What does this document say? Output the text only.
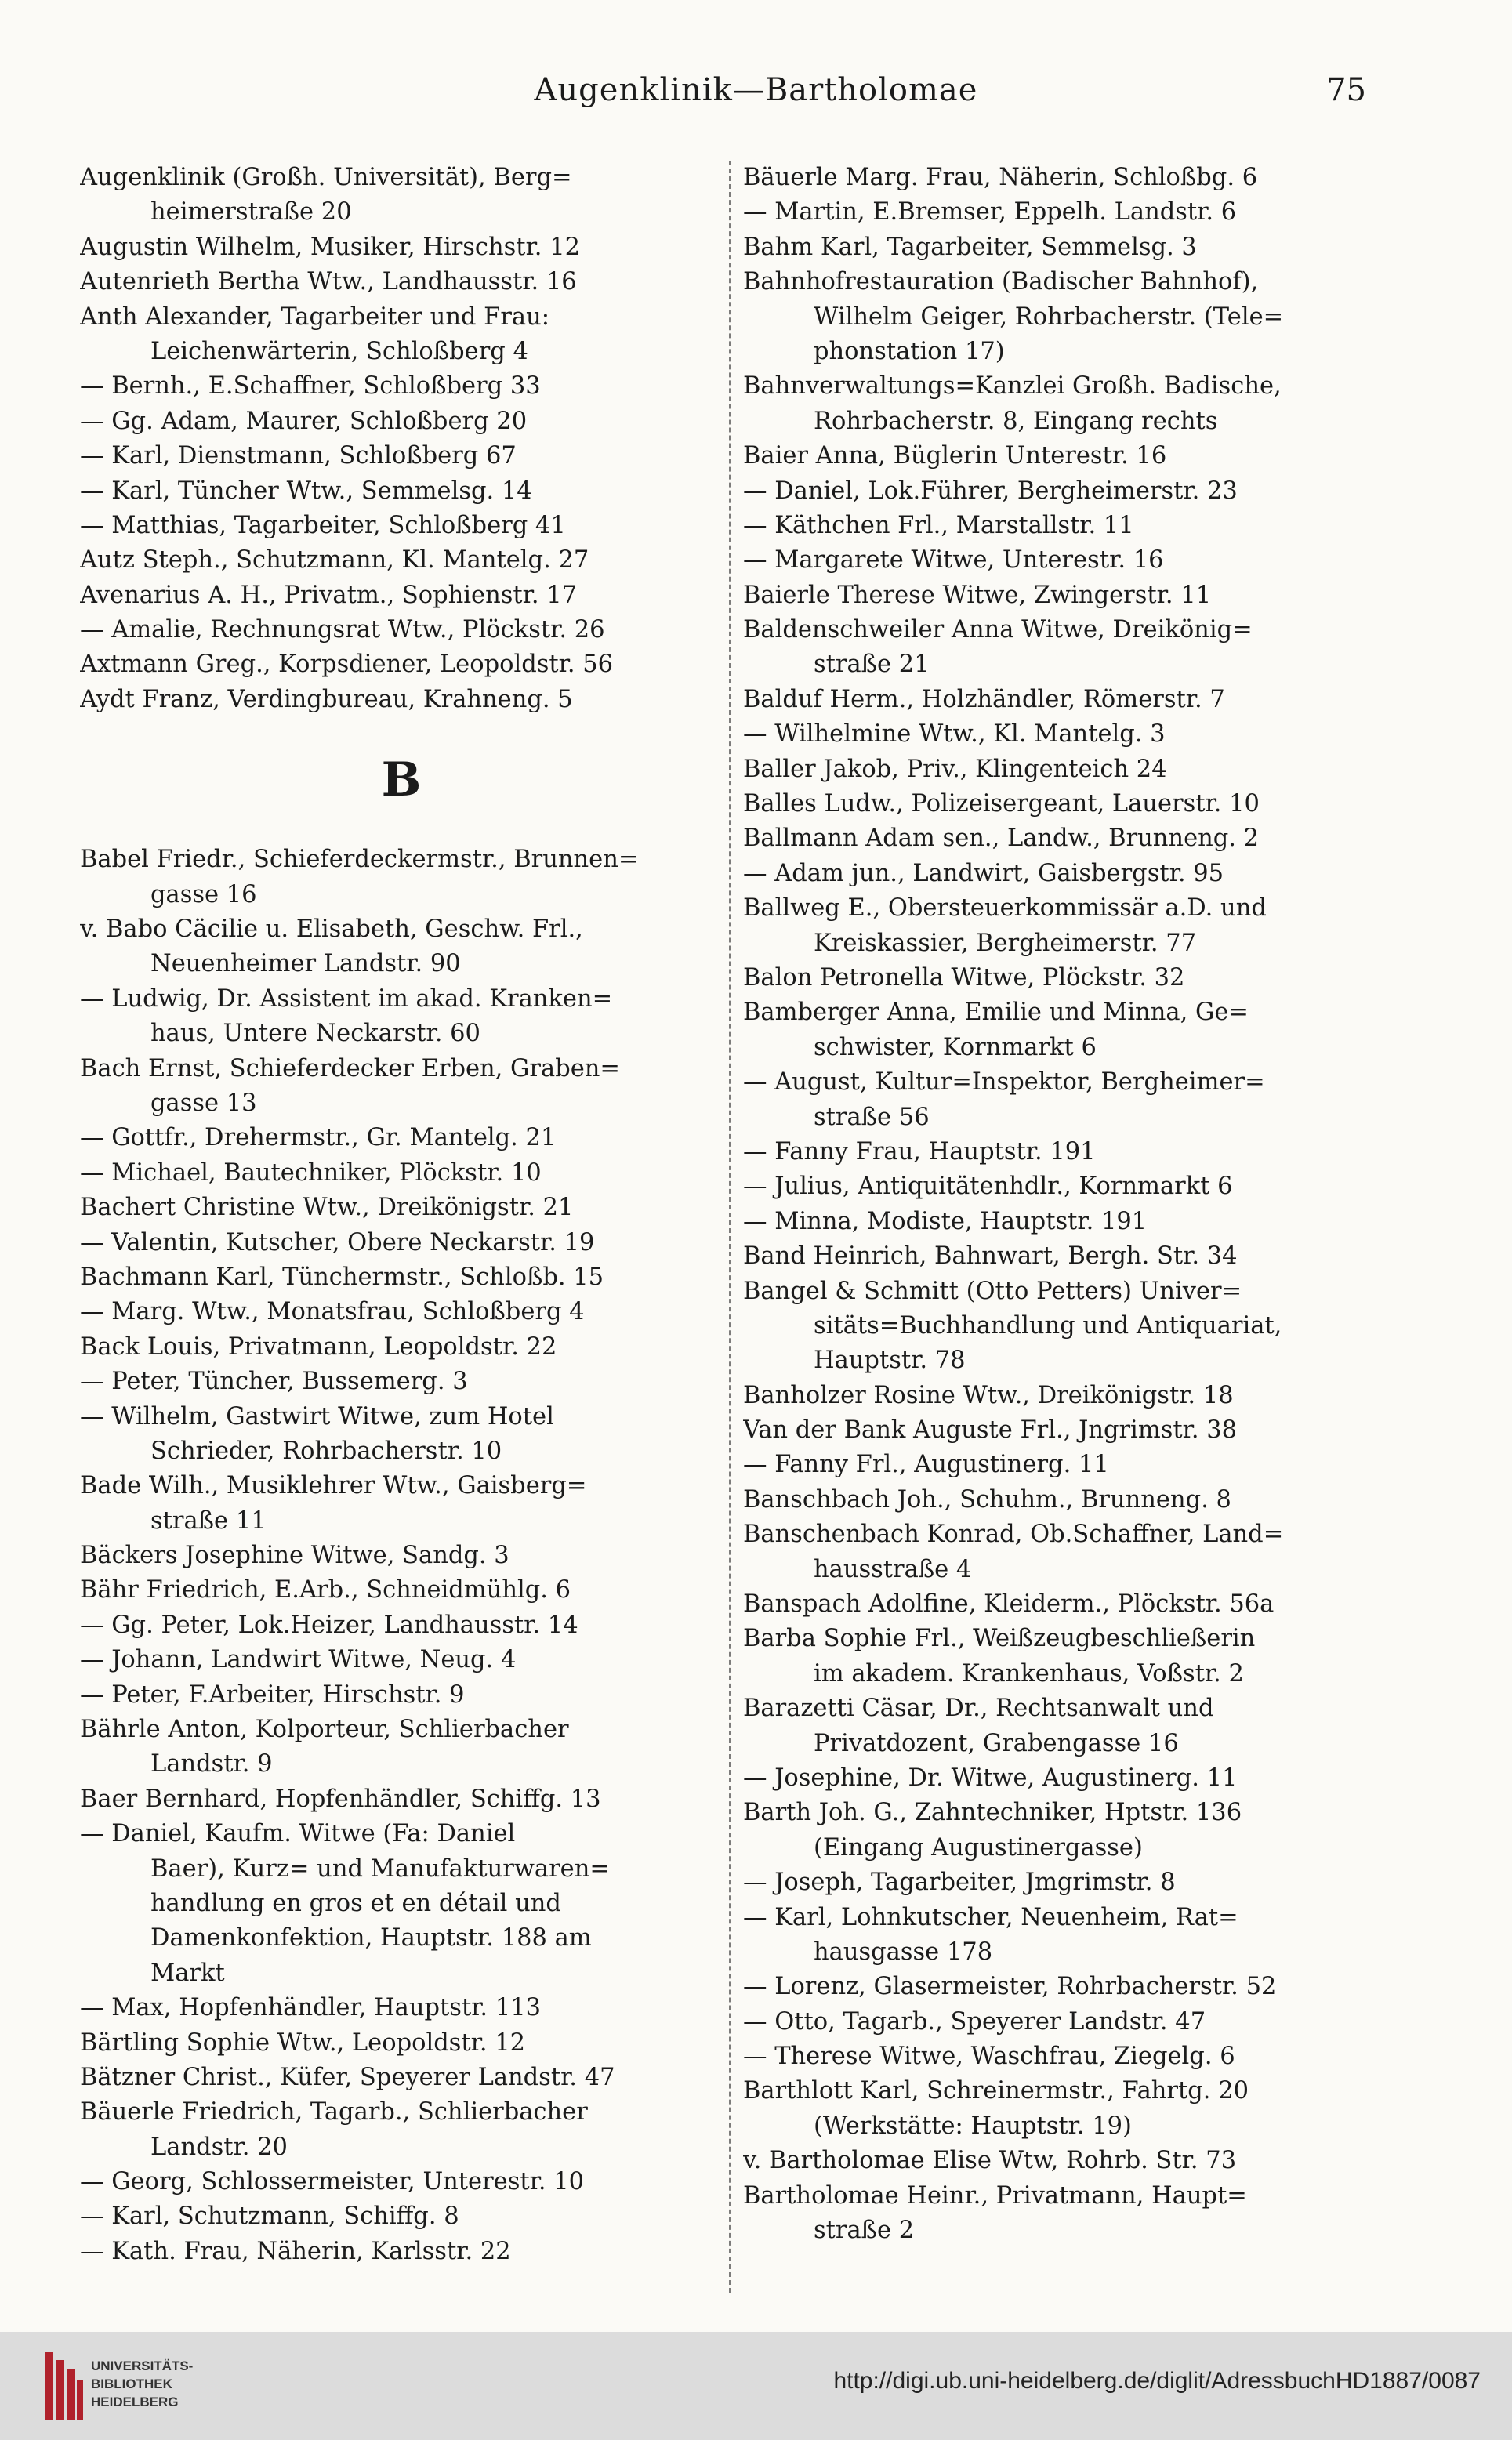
Augenklinik—Bartholomae	75
Augenklinik (Großh. Universität), Berg=
heimerstraße 20
Augustin Wilhelm, Musiker, Hirschstr. 12
Autenrieth Bertha Wtw., Landhausstr. 16
Anth Alexander, Tagarbeiter und Frau:
Leichenwärterin, Schloßberg 4
— Bernh., E.Schaffner, Schloßberg 33
— Gg. Adam, Maurer, Schloßberg 20
— Karl, Dienstmann, Schloßberg 67
— Karl, Tüncher Wtw., Semmelsg. 14
— Matthias, Tagarbeiter, Schloßberg 41
Autz Steph., Schutzmann, Kl. Mantelg. 27
Avenarius A. H., Privatm., Sophienstr. 17
— Amalie, Rechnungsrat Wtw., Plöckstr. 26
Axtmann Greg., Korpsdiener, Leopoldstr. 56
Aydt Franz, Verdingbureau, Krahneng. 5
B
Babel Friedr., Schieferdeckermstr., Brunnen=
gasse 16
v. Babo Cäcilie u. Elisabeth, Geschw. Frl.,
Neuenheimer Landstr. 90
— Ludwig, Dr. Assistent im akad. Kranken=
haus, Untere Neckarstr. 60
Bach Ernst, Schieferdecker Erben, Graben=
gasse 13
— Gottfr., Drehermstr., Gr. Mantelg. 21
— Michael, Bautechniker, Plöckstr. 10
Bachert Christine Wtw., Dreikönigstr. 21
— Valentin, Kutscher, Obere Neckarstr. 19
Bachmann Karl, Tünchermstr., Schloßb. 15
— Marg. Wtw., Monatsfrau, Schloßberg 4
Back Louis, Privatmann, Leopoldstr. 22
— Peter, Tüncher, Bussemerg. 3
— Wilhelm, Gastwirt Witwe, zum Hotel
Schrieder, Rohrbacherstr. 10
Bade Wilh., Musiklehrer Wtw., Gaisberg=
straße 11
Bäckers Josephine Witwe, Sandg. 3
Bähr Friedrich, E.Arb., Schneidmühlg. 6
— Gg. Peter, Lok.Heizer, Landhausstr. 14
— Johann, Landwirt Witwe, Neug. 4
— Peter, F.Arbeiter, Hirschstr. 9
Bährle Anton, Kolporteur, Schlierbacher
Landstr. 9
Baer Bernhard, Hopfenhändler, Schiffg. 13
— Daniel, Kaufm. Witwe (Fa: Daniel
Baer), Kurz= und Manufakturwaren=
handlung en gros et en détail und
Damenkonfektion, Hauptstr. 188 am
Markt
— Max, Hopfenhändler, Hauptstr. 113
Bärtling Sophie Wtw., Leopoldstr. 12
Bätzner Christ., Küfer, Speyerer Landstr. 47
Bäuerle Friedrich, Tagarb., Schlierbacher
Landstr. 20
— Georg, Schlossermeister, Unterestr. 10
— Karl, Schutzmann, Schiffg. 8
— Kath. Frau, Näherin, Karlsstr. 22
Bäuerle Marg. Frau, Näherin, Schloßbg. 6
— Martin, E.Bremser, Eppelh. Landstr. 6
Bahm Karl, Tagarbeiter, Semmelsg. 3
Bahnhofrestauration (Badischer Bahnhof),
Wilhelm Geiger, Rohrbacherstr. (Tele=
phonstation 17)
Bahnverwaltungs=Kanzlei Großh. Badische,
Rohrbacherstr. 8, Eingang rechts
Baier Anna, Büglerin Unterestr. 16
— Daniel, Lok.Führer, Bergheimerstr. 23
— Käthchen Frl., Marstallstr. 11
— Margarete Witwe, Unterestr. 16
Baierle Therese Witwe, Zwingerstr. 11
Baldenschweiler Anna Witwe, Dreikönig=
straße 21
Balduf Herm., Holzhändler, Römerstr. 7
— Wilhelmine Wtw., Kl. Mantelg. 3
Baller Jakob, Priv., Klingenteich 24
Balles Ludw., Polizeisergeant, Lauerstr. 10
Ballmann Adam sen., Landw., Brunneng. 2
— Adam jun., Landwirt, Gaisbergstr. 95
Ballweg E., Obersteuerkommissär a.D. und
Kreiskassier, Bergheimerstr. 77
Balon Petronella Witwe, Plöckstr. 32
Bamberger Anna, Emilie und Minna, Ge=
schwister, Kornmarkt 6
— August, Kultur=Inspektor, Bergheimer=
straße 56
— Fanny Frau, Hauptstr. 191
— Julius, Antiquitätenhdlr., Kornmarkt 6
— Minna, Modiste, Hauptstr. 191
Band Heinrich, Bahnwart, Bergh. Str. 34
Bangel & Schmitt (Otto Petters) Univer=
sitäts=Buchhandlung und Antiquariat,
Hauptstr. 78
Banholzer Rosine Wtw., Dreikönigstr. 18
Van der Bank Auguste Frl., Jngrimstr. 38
— Fanny Frl., Augustinerg. 11
Banschbach Joh., Schuhm., Brunneng. 8
Banschenbach Konrad, Ob.Schaffner, Land=
hausstraße 4
Banspach Adolfine, Kleiderm., Plöckstr. 56a
Barba Sophie Frl., Weißzeugbeschließerin
im akadem. Krankenhaus, Voßstr. 2
Barazetti Cäsar, Dr., Rechtsanwalt und
Privatdozent, Grabengasse 16
— Josephine, Dr. Witwe, Augustinerg. 11
Barth Joh. G., Zahntechniker, Hptstr. 136
(Eingang Augustinergasse)
— Joseph, Tagarbeiter, Jmgrimstr. 8
— Karl, Lohnkutscher, Neuenheim, Rat=
hausgasse 178
— Lorenz, Glasermeister, Rohrbacherstr. 52
— Otto, Tagarb., Speyerer Landstr. 47
— Therese Witwe, Waschfrau, Ziegelg. 6
Barthlott Karl, Schreinermstr., Fahrtg. 20
(Werkstätte: Hauptstr. 19)
v. Bartholomae Elise Wtw, Rohrb. Str. 73
Bartholomae Heinr., Privatmann, Haupt=
straße 2
UNIVERSITÄTS-
BIBLIOTHEK
HEIDELBERG
http://digi.ub.uni-heidelberg.de/diglit/AdressbuchHD1887/0087
